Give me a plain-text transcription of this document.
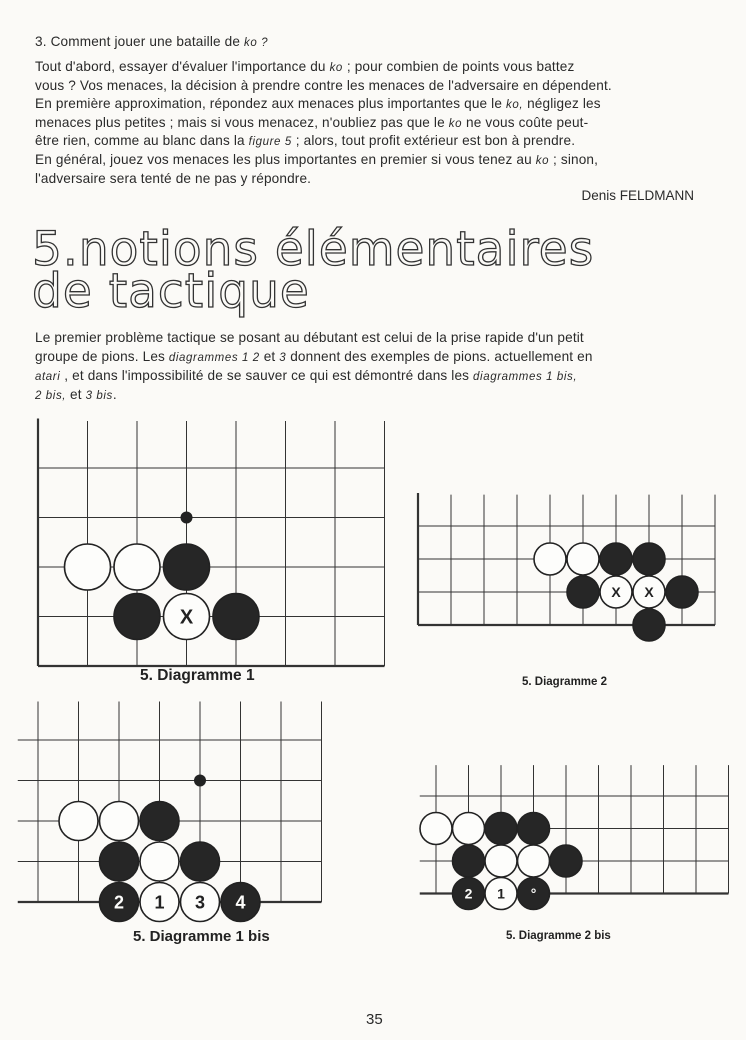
3. Comment jouer une bataille de ko ?
Tout d'abord, essayer d'évaluer l'importance du ko ; pour combien de points vous battez
vous ? Vos menaces, la décision à prendre contre les menaces de l'adversaire en dépendent.
En première approximation, répondez aux menaces plus importantes que le ko, négligez les
menaces plus petites ; mais si vous menacez, n'oubliez pas que le ko ne vous coûte peut-
être rien, comme au blanc dans la figure 5 ; alors, tout profit extérieur est bon à prendre.
En général, jouez vos menaces les plus importantes en premier si vous tenez au ko ; sinon,
l'adversaire sera tenté de ne pas y répondre.
Denis FELDMANN
5.notions élémentaires
de tactique
Le premier problème tactique se posant au débutant est celui de la prise rapide d'un petit
groupe de pions. Les diagrammes 1 2 et 3 donnent des exemples de pions. actuellement en
atari , et dans l'impossibilité de se sauver ce qui est démontré dans les diagrammes 1 bis,
2 bis, et 3 bis.
X
5. Diagramme 1
X X
5. Diagramme 2
2 1 3 4
5. Diagramme 1 bis
2 1 °
5. Diagramme 2 bis
35
